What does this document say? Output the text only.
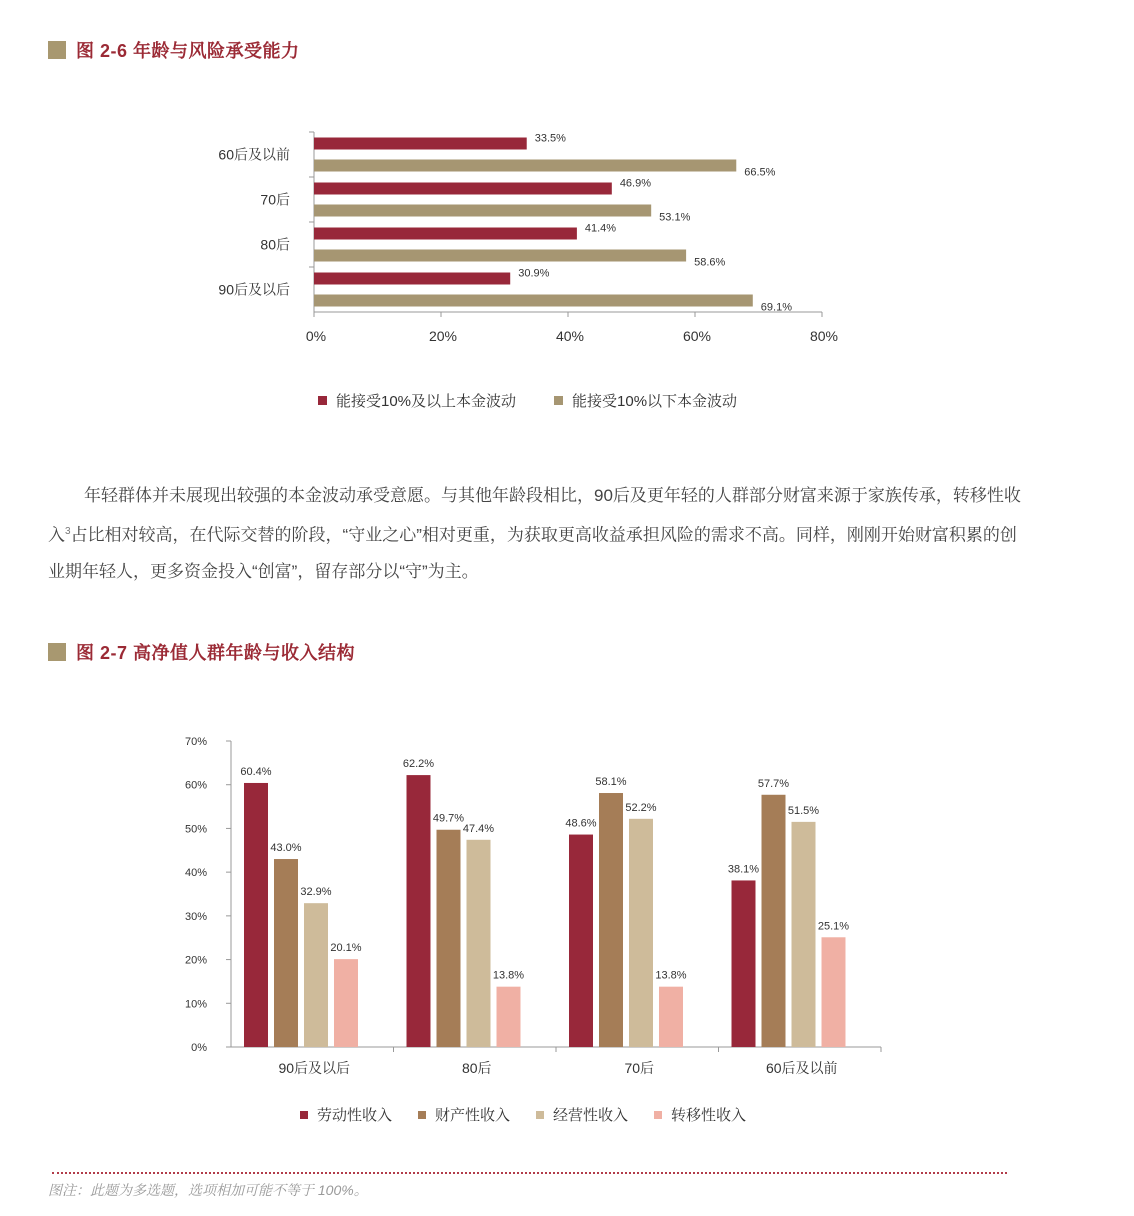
图 2-6 年龄与风险承受能力
0%	20%	40%	60%	80%
60后及以前
33.5%
66.5%
70后
46.9%
53.1%
80后
41.4%
58.6%
90后及以后
30.9%
69.1%
能接受10%及以上本金波动	能接受10%以下本金波动

年轻群体并未展现出较强的本金波动承受意愿。与其他年龄段相比，90后及更年轻的人群部分财富来源于家族传承，转移性收入$^3$占比相对较高，在代际交替的阶段，“守业之心”相对更重，为获取更高收益承担风险的需求不高。同样，刚刚开始财富积累的创业期年轻人，更多资金投入“创富”，留存部分以“守”为主。

图 2-7 高净值人群年龄与收入结构
0%
10%
20%
30%
40%
50%
60%
70%
60.4%
43.0%
32.9%
20.1%
90后及以后
62.2%
49.7%
47.4%
13.8%
80后
48.6%
58.1%
52.2%
13.8%
70后
38.1%
57.7%
51.5%
25.1%
60后及以前
劳动性收入	财产性收入	经营性收入	转移性收入
图注：此题为多选题，选项相加可能不等于 100%。
